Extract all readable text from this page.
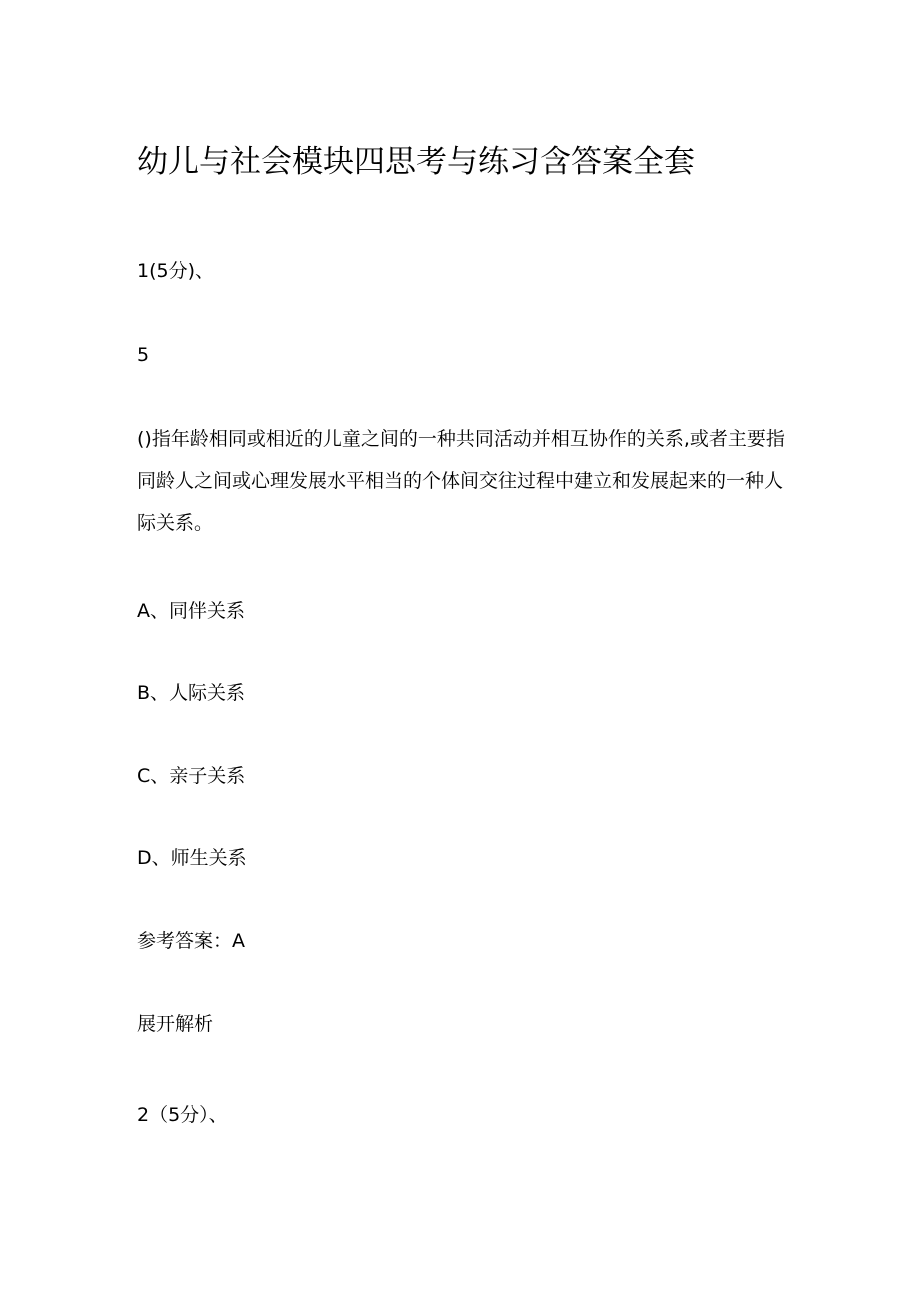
幼儿与社会模块四思考与练习含答案全套
1(5分)、
5
()指年龄相同或相近的儿童之间的一种共同活动并相互协作的关系,或者主要指同龄人之间或心理发展水平相当的个体间交往过程中建立和发展起来的一种人际关系。
A、同伴关系
B、人际关系
C、亲子关系
D、师生关系
参考答案：A
展开解析
2（5分）、
